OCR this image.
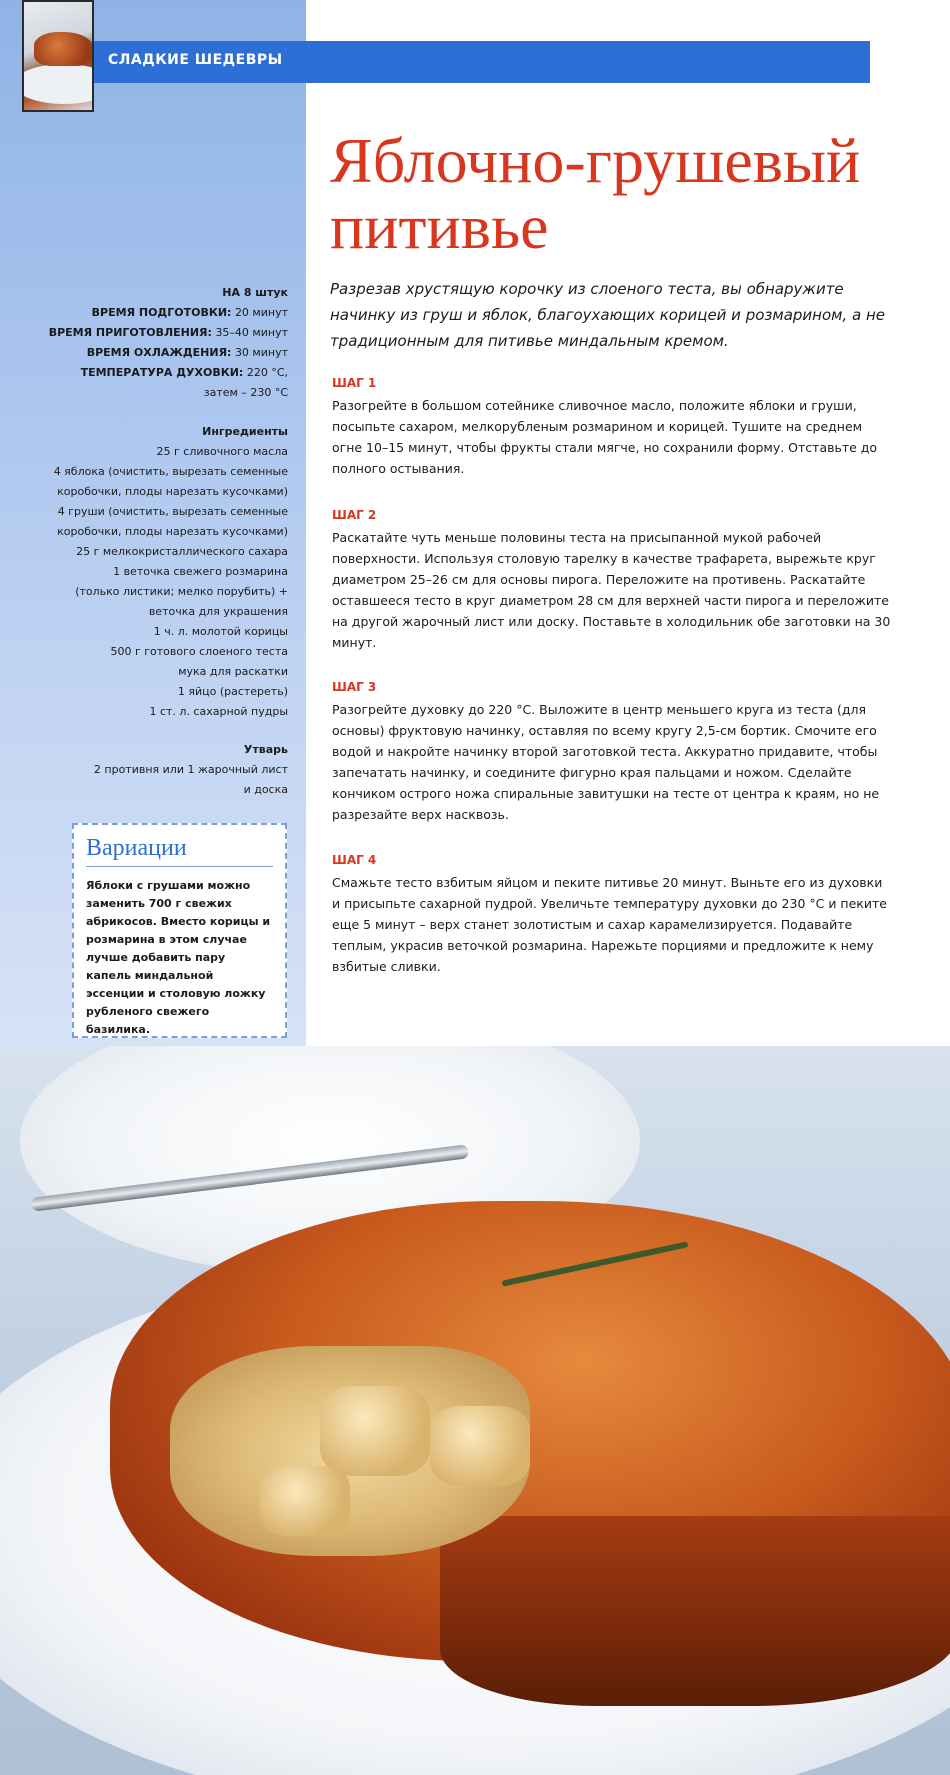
СЛАДКИЕ ШЕДЕВРЫ
Яблочно-грушевый питивье
НА 8 штук
ВРЕМЯ ПОДГОТОВКИ: 20 минут
ВРЕМЯ ПРИГОТОВЛЕНИЯ: 35–40 минут
ВРЕМЯ ОХЛАЖДЕНИЯ: 30 минут
ТЕМПЕРАТУРА ДУХОВКИ: 220 °C,
затем – 230 °C
Ингредиенты
25 г сливочного масла
4 яблока (очистить, вырезать семенные
коробочки, плоды нарезать кусочками)
4 груши (очистить, вырезать семенные
коробочки, плоды нарезать кусочками)
25 г мелкокристаллического сахара
1 веточка свежего розмарина
(только листики; мелко порубить) +
веточка для украшения
1 ч. л. молотой корицы
500 г готового слоеного теста
мука для раскатки
1 яйцо (растереть)
1 ст. л. сахарной пудры
Утварь
2 противня или 1 жарочный лист
и доска
Вариации
Яблоки с грушами можно заменить 700 г свежих абрикосов. Вместо корицы и розмарина в этом случае лучше добавить пару капель миндальной эссенции и столовую ложку рубленого свежего базилика.

Разрезав хрустящую корочку из слоеного теста, вы обнаружите начинку из груш и яблок, благоухающих корицей и розмарином, а не традиционным для питивье миндальным кремом.

ШАГ 1
Разогрейте в большом сотейнике сливочное масло, положите яблоки и груши, посыпьте сахаром, мелкорубленым розмарином и корицей. Тушите на среднем огне 10–15 минут, чтобы фрукты стали мягче, но сохранили форму. Отставьте до полного остывания.
ШАГ 2
Раскатайте чуть меньше половины теста на присыпанной мукой рабочей поверхности. Используя столовую тарелку в качестве трафарета, вырежьте круг диаметром 25–26 см для основы пирога. Переложите на противень. Раскатайте оставшееся тесто в круг диаметром 28 см для верхней части пирога и переложите на другой жарочный лист или доску. Поставьте в холодильник обе заготовки на 30 минут.
ШАГ 3
Разогрейте духовку до 220 °C. Выложите в центр меньшего круга из теста (для основы) фруктовую начинку, оставляя по всему кругу 2,5-см бортик. Смочите его водой и накройте начинку второй заготовкой теста. Аккуратно придавите, чтобы запечатать начинку, и соедините фигурно края пальцами и ножом. Сделайте кончиком острого ножа спиральные завитушки на тесте от центра к краям, но не разрезайте верх насквозь.
ШАГ 4
Смажьте тесто взбитым яйцом и пеките питивье 20 минут. Выньте его из духовки и присыпьте сахарной пудрой. Увеличьте температуру духовки до 230 °C и пеките еще 5 минут – верх станет золотистым и сахар карамелизируется. Подавайте теплым, украсив веточкой розмарина. Нарежьте порциями и предложите к нему взбитые сливки.
